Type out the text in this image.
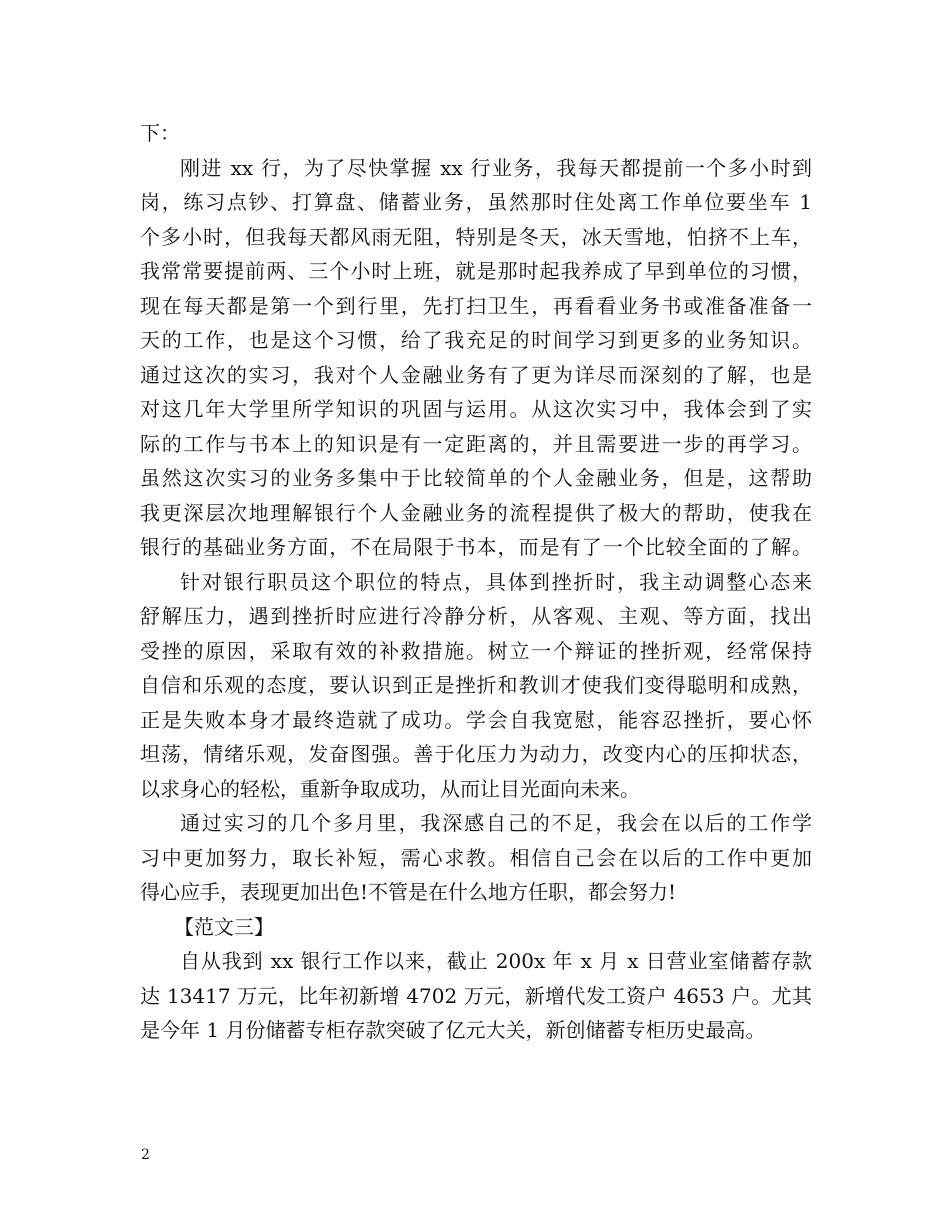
下：
刚进 xx 行，为了尽快掌握 xx 行业务，我每天都提前一个多小时到
岗，练习点钞、打算盘、储蓄业务，虽然那时住处离工作单位要坐车 1
个多小时，但我每天都风雨无阻，特别是冬天，冰天雪地，怕挤不上车，
我常常要提前两、三个小时上班，就是那时起我养成了早到单位的习惯，
现在每天都是第一个到行里，先打扫卫生，再看看业务书或准备准备一
天的工作，也是这个习惯，给了我充足的时间学习到更多的业务知识。
通过这次的实习，我对个人金融业务有了更为详尽而深刻的了解，也是
对这几年大学里所学知识的巩固与运用。从这次实习中，我体会到了实
际的工作与书本上的知识是有一定距离的，并且需要进一步的再学习。
虽然这次实习的业务多集中于比较简单的个人金融业务，但是，这帮助
我更深层次地理解银行个人金融业务的流程提供了极大的帮助，使我在
银行的基础业务方面，不在局限于书本，而是有了一个比较全面的了解。
针对银行职员这个职位的特点，具体到挫折时，我主动调整心态来
舒解压力，遇到挫折时应进行冷静分析，从客观、主观、等方面，找出
受挫的原因，采取有效的补救措施。树立一个辩证的挫折观，经常保持
自信和乐观的态度，要认识到正是挫折和教训才使我们变得聪明和成熟，
正是失败本身才最终造就了成功。学会自我宽慰，能容忍挫折，要心怀
坦荡，情绪乐观，发奋图强。善于化压力为动力，改变内心的压抑状态，
以求身心的轻松，重新争取成功，从而让目光面向未来。
通过实习的几个多月里，我深感自己的不足，我会在以后的工作学
习中更加努力，取长补短，需心求教。相信自己会在以后的工作中更加
得心应手，表现更加出色!不管是在什么地方任职，都会努力!
【范文三】
自从我到 xx 银行工作以来，截止 200x 年 x 月 x 日营业室储蓄存款
达 13417 万元，比年初新增 4702 万元，新增代发工资户 4653 户。尤其
是今年 1 月份储蓄专柜存款突破了亿元大关，新创储蓄专柜历史最高。
2
